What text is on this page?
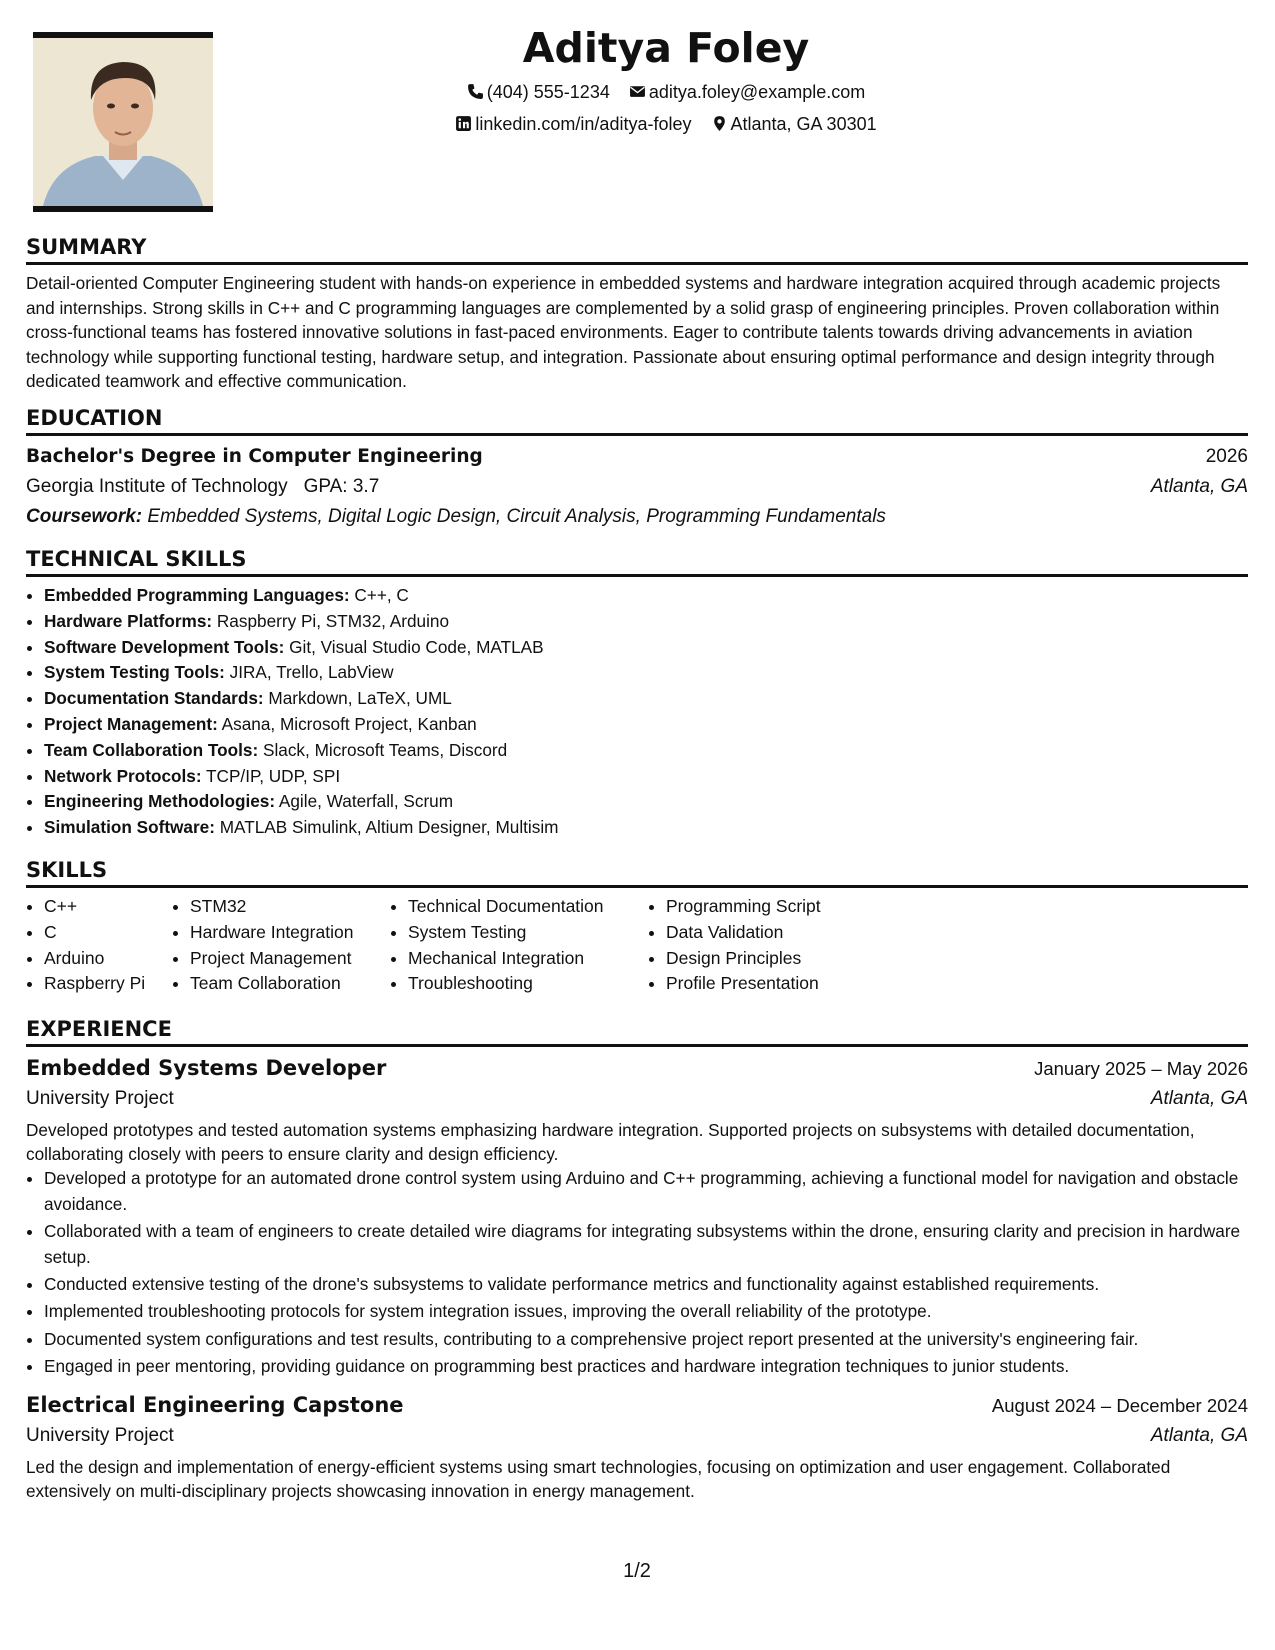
Aditya Foley
(404) 555-1234 aditya.foley@example.com
linkedin.com/in/aditya-foley Atlanta, GA 30301
SUMMARY

Detail-oriented Computer Engineering student with hands-on experience in embedded systems and hardware integration acquired through academic projects and internships. Strong skills in C++ and C programming languages are complemented by a solid grasp of engineering principles. Proven collaboration within cross-functional teams has fostered innovative solutions in fast-paced environments. Eager to contribute talents towards driving advancements in aviation technology while supporting functional testing, hardware setup, and integration. Passionate about ensuring optimal performance and design integrity through dedicated teamwork and effective communication.

EDUCATION
Bachelor's Degree in Computer Engineering	2026
Georgia Institute of Technology GPA: 3.7	Atlanta, GA
Coursework: Embedded Systems, Digital Logic Design, Circuit Analysis, Programming Fundamentals
TECHNICAL SKILLS
• Embedded Programming Languages: C++, C
• Hardware Platforms: Raspberry Pi, STM32, Arduino
• Software Development Tools: Git, Visual Studio Code, MATLAB
• System Testing Tools: JIRA, Trello, LabView
• Documentation Standards: Markdown, LaTeX, UML
• Project Management: Asana, Microsoft Project, Kanban
• Team Collaboration Tools: Slack, Microsoft Teams, Discord
• Network Protocols: TCP/IP, UDP, SPI
• Engineering Methodologies: Agile, Waterfall, Scrum
• Simulation Software: MATLAB Simulink, Altium Designer, Multisim
SKILLS
• C++
• C
• Arduino
• Raspberry Pi
• STM32
• Hardware Integration
• Project Management
• Team Collaboration
• Technical Documentation
• System Testing
• Mechanical Integration
• Troubleshooting
• Programming Script
• Data Validation
• Design Principles
• Profile Presentation
EXPERIENCE
Embedded Systems Developer	January 2025 – May 2026
University Project	Atlanta, GA

Developed prototypes and tested automation systems emphasizing hardware integration. Supported projects on subsystems with detailed documentation, collaborating closely with peers to ensure clarity and design efficiency.

• Developed a prototype for an automated drone control system using Arduino and C++ programming, achieving a functional model for navigation and obstacle avoidance.
• Collaborated with a team of engineers to create detailed wire diagrams for integrating subsystems within the drone, ensuring clarity and precision in hardware setup.
• Conducted extensive testing of the drone's subsystems to validate performance metrics and functionality against established requirements.
• Implemented troubleshooting protocols for system integration issues, improving the overall reliability of the prototype.
• Documented system configurations and test results, contributing to a comprehensive project report presented at the university's engineering fair.
• Engaged in peer mentoring, providing guidance on programming best practices and hardware integration techniques to junior students.
Electrical Engineering Capstone	August 2024 – December 2024
University Project	Atlanta, GA

Led the design and implementation of energy-efficient systems using smart technologies, focusing on optimization and user engagement. Collaborated extensively on multi-disciplinary projects showcasing innovation in energy management.

1/2
